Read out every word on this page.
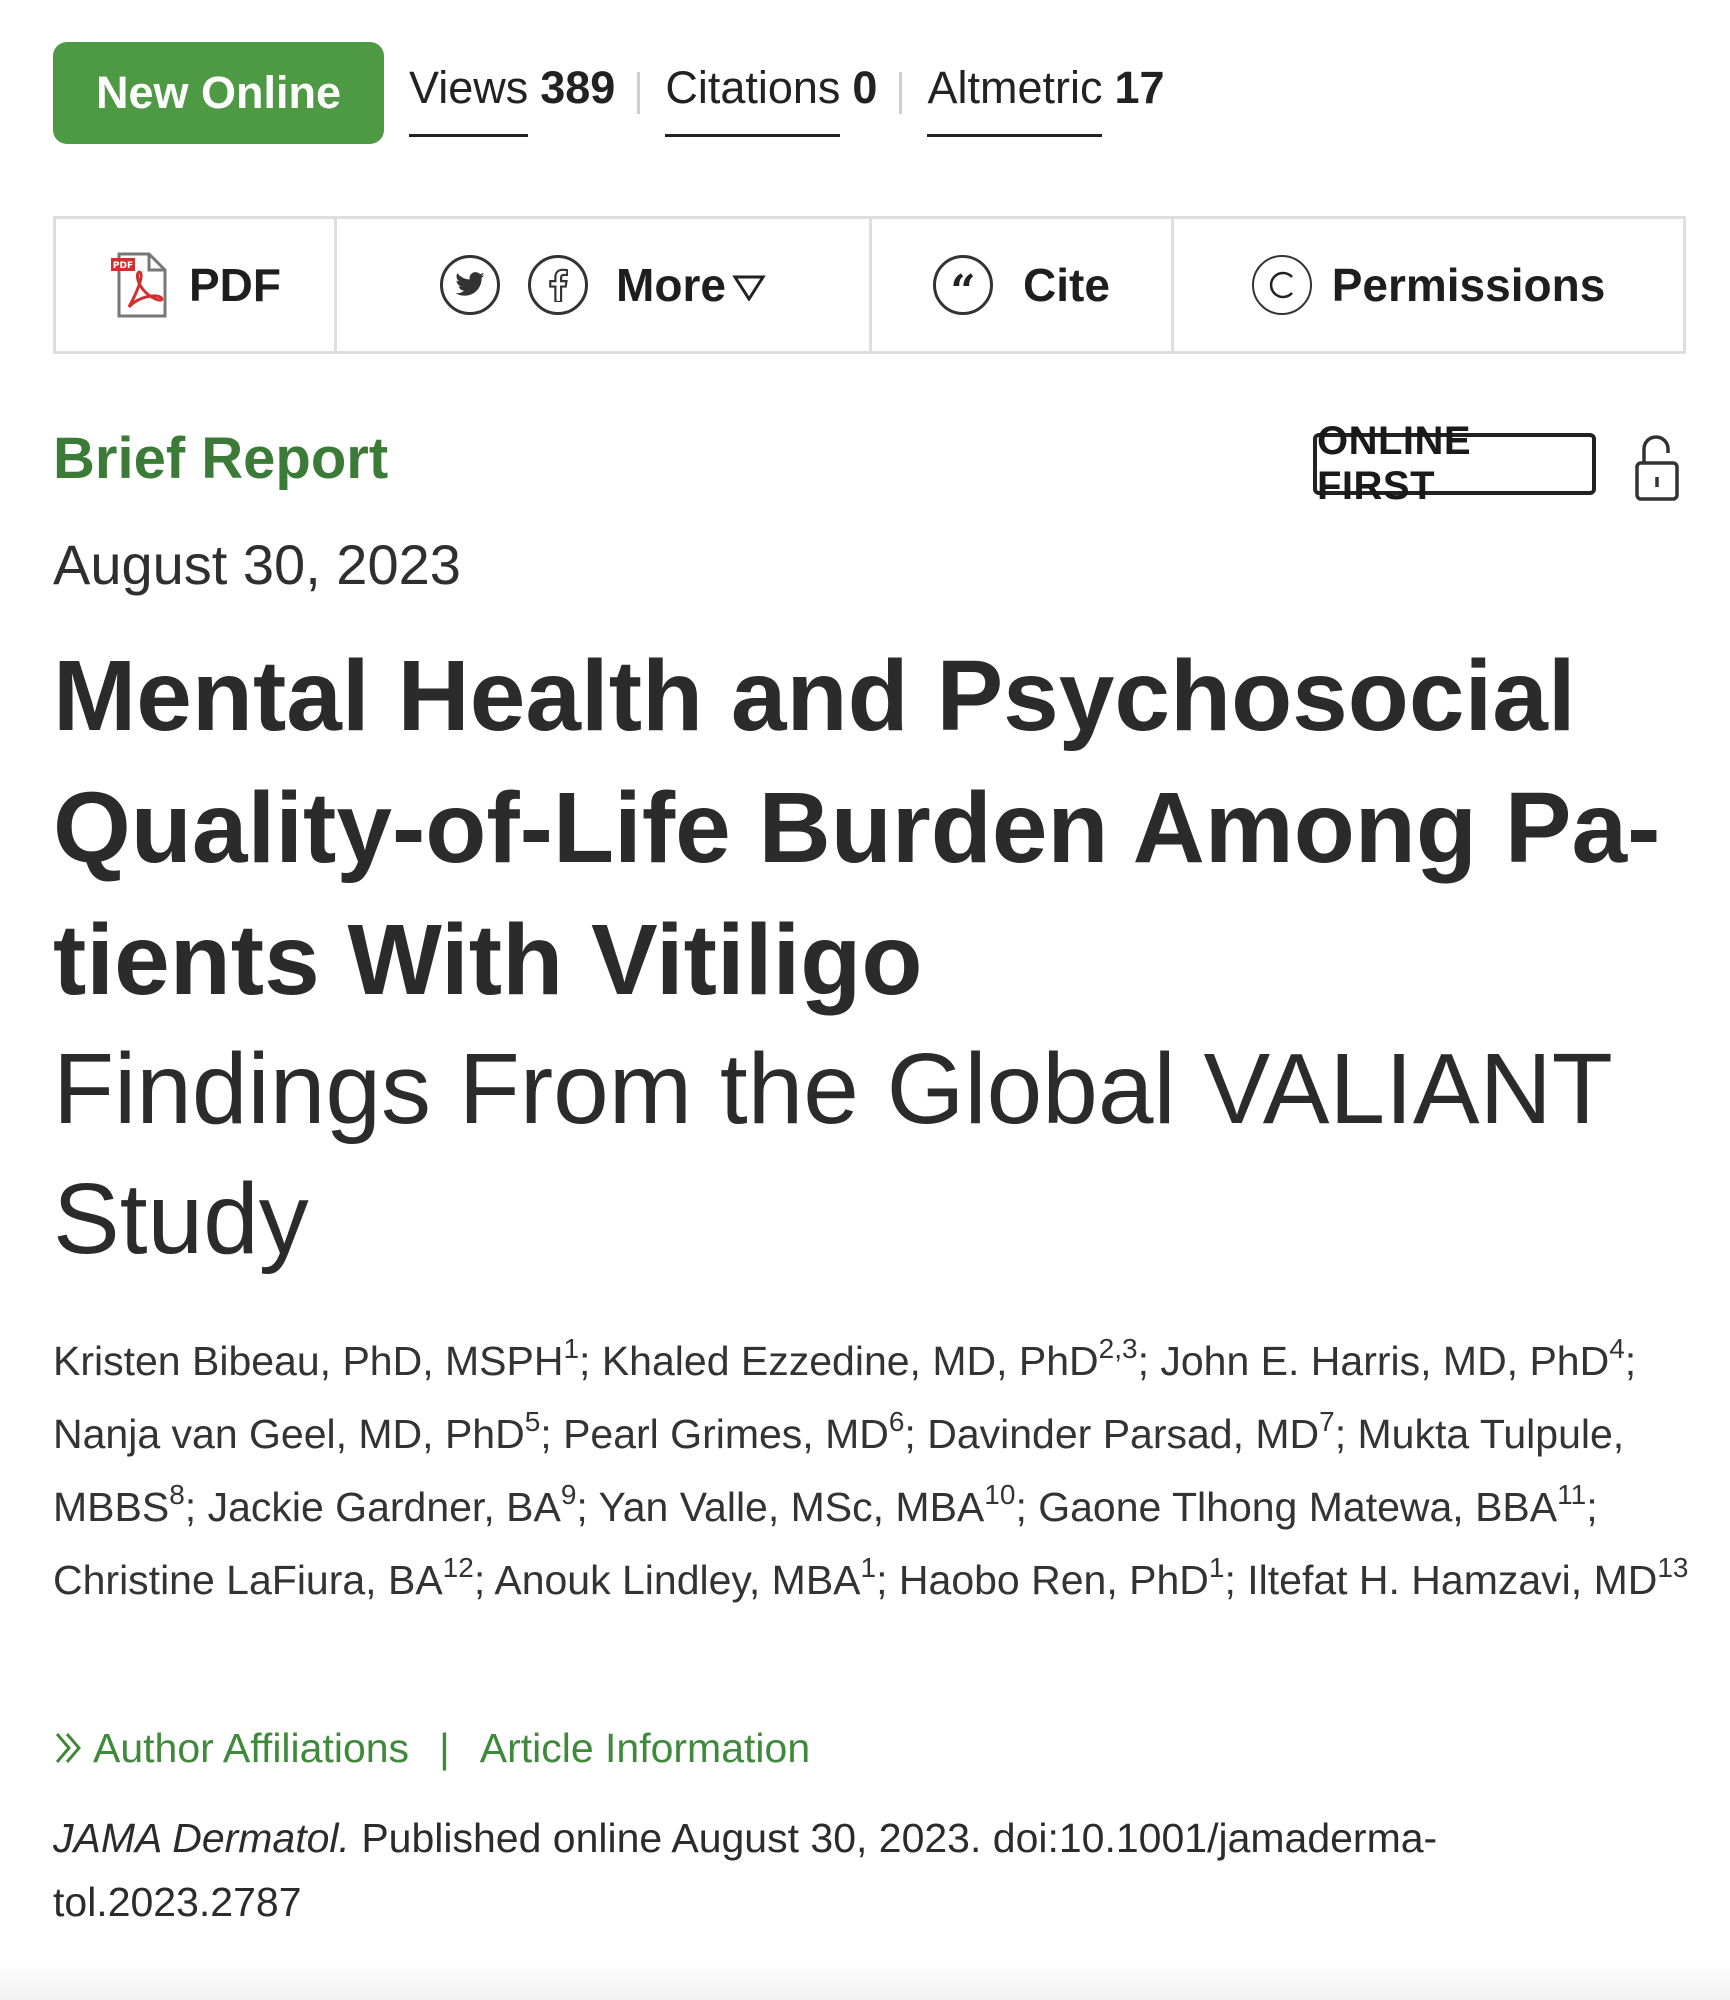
New Online	Views 389 Citations 0 Altmetric 17
PDF PDF	More	“ Cite	Permissions
Brief Report	ONLINE FIRST
August 30, 2023
Mental Health and Psychosocial Quality-of-Life Burden Among Patients With Vitiligo
Findings From the Global VALIANT Study
Kristen Bibeau, PhD, MSPH$^1$; Khaled Ezzedine, MD, PhD$^{2,3}$; John E. Harris, MD, PhD$^4$; Nanja van Geel, MD, PhD$^5$; Pearl Grimes, $MD^6$; Davinder Parsad, $MD^7$; Mukta Tulpule, MBBS$^8$; Jackie Gardner, $BA^9$; Yan Valle, MSc, MBA$^{10}$; Gaone Tlhong Matewa, BBA$^{11}$; Christine LaFiura, BA$^{12}$; Anouk Lindley, MBA$^1$; Haobo Ren, PhD$^1$; Iltefat H. Hamzavi, MD$^{13}$
Author Affiliations | Article Information
JAMA Dermatol. Published online August 30, 2023. doi:10.1001/jamadermatol.2023.2787
